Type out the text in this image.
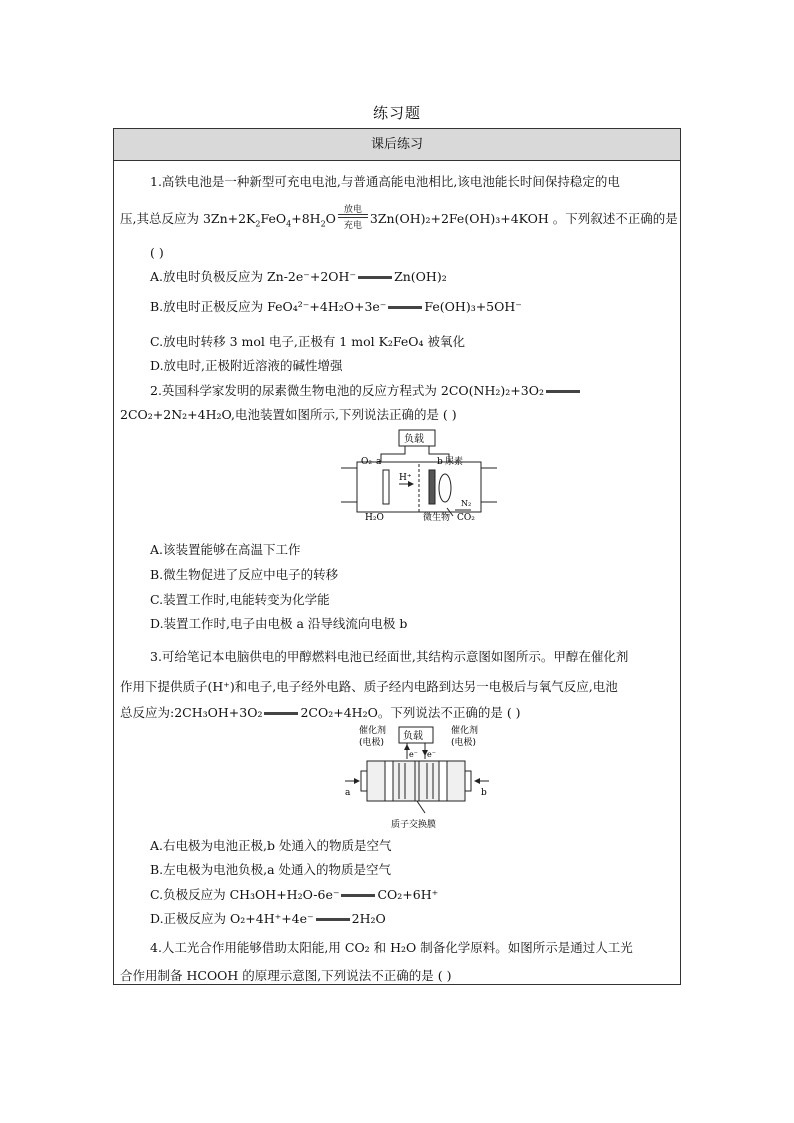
练习题
课后练习
1.高铁电池是一种新型可充电电池,与普通高能电池相比,该电池能长时间保持稳定的电
压,其总反应为 $3Zn+2K_2FeO_4+8H_2O$
放电
充电 3Zn(OH)₂+2Fe(OH)₃+4KOH 。下列叙述不正确的是
( )
A.放电时负极反应为 Zn-2e⁻+2OH⁻	Zn(OH)₂
B.放电时正极反应为 FeO₄²⁻+4H₂O+3e⁻	Fe(OH)₃+5OH⁻
C.放电时转移 3 mol 电子,正极有 1 mol K₂FeO₄ 被氧化
D.放电时,正极附近溶液的碱性增强
2.英国科学家发明的尿素微生物电池的反应方程式为 2CO(NH₂)₂+3O₂
2CO₂+2N₂+4H₂O,电池装置如图所示,下列说法正确的是 ( )
负载
O₂ a	b 尿素
H⁺
N₂
H₂O	微生物 CO₂
A.该装置能够在高温下工作
B.微生物促进了反应中电子的转移
C.装置工作时,电能转变为化学能
D.装置工作时,电子由电极 a 沿导线流向电极 b
3.可给笔记本电脑供电的甲醇燃料电池已经面世,其结构示意图如图所示。甲醇在催化剂
作用下提供质子(H⁺)和电子,电子经外电路、质子经内电路到达另一电极后与氧气反应,电池
总反应为:2CH₃OH+3O₂	2CO₂+4H₂O。下列说法不正确的是 ( )
负载
催化剂
(电极)
催化剂
(电极)
e⁻ e⁻
a	b
质子交换膜
A.右电极为电池正极,b 处通入的物质是空气
B.左电极为电池负极,a 处通入的物质是空气
C.负极反应为 CH₃OH+H₂O-6e⁻	CO₂+6H⁺
D.正极反应为 O₂+4H⁺+4e⁻	2H₂O
4.人工光合作用能够借助太阳能,用 CO₂ 和 H₂O 制备化学原料。如图所示是通过人工光
合作用制备 HCOOH 的原理示意图,下列说法不正确的是 ( )
